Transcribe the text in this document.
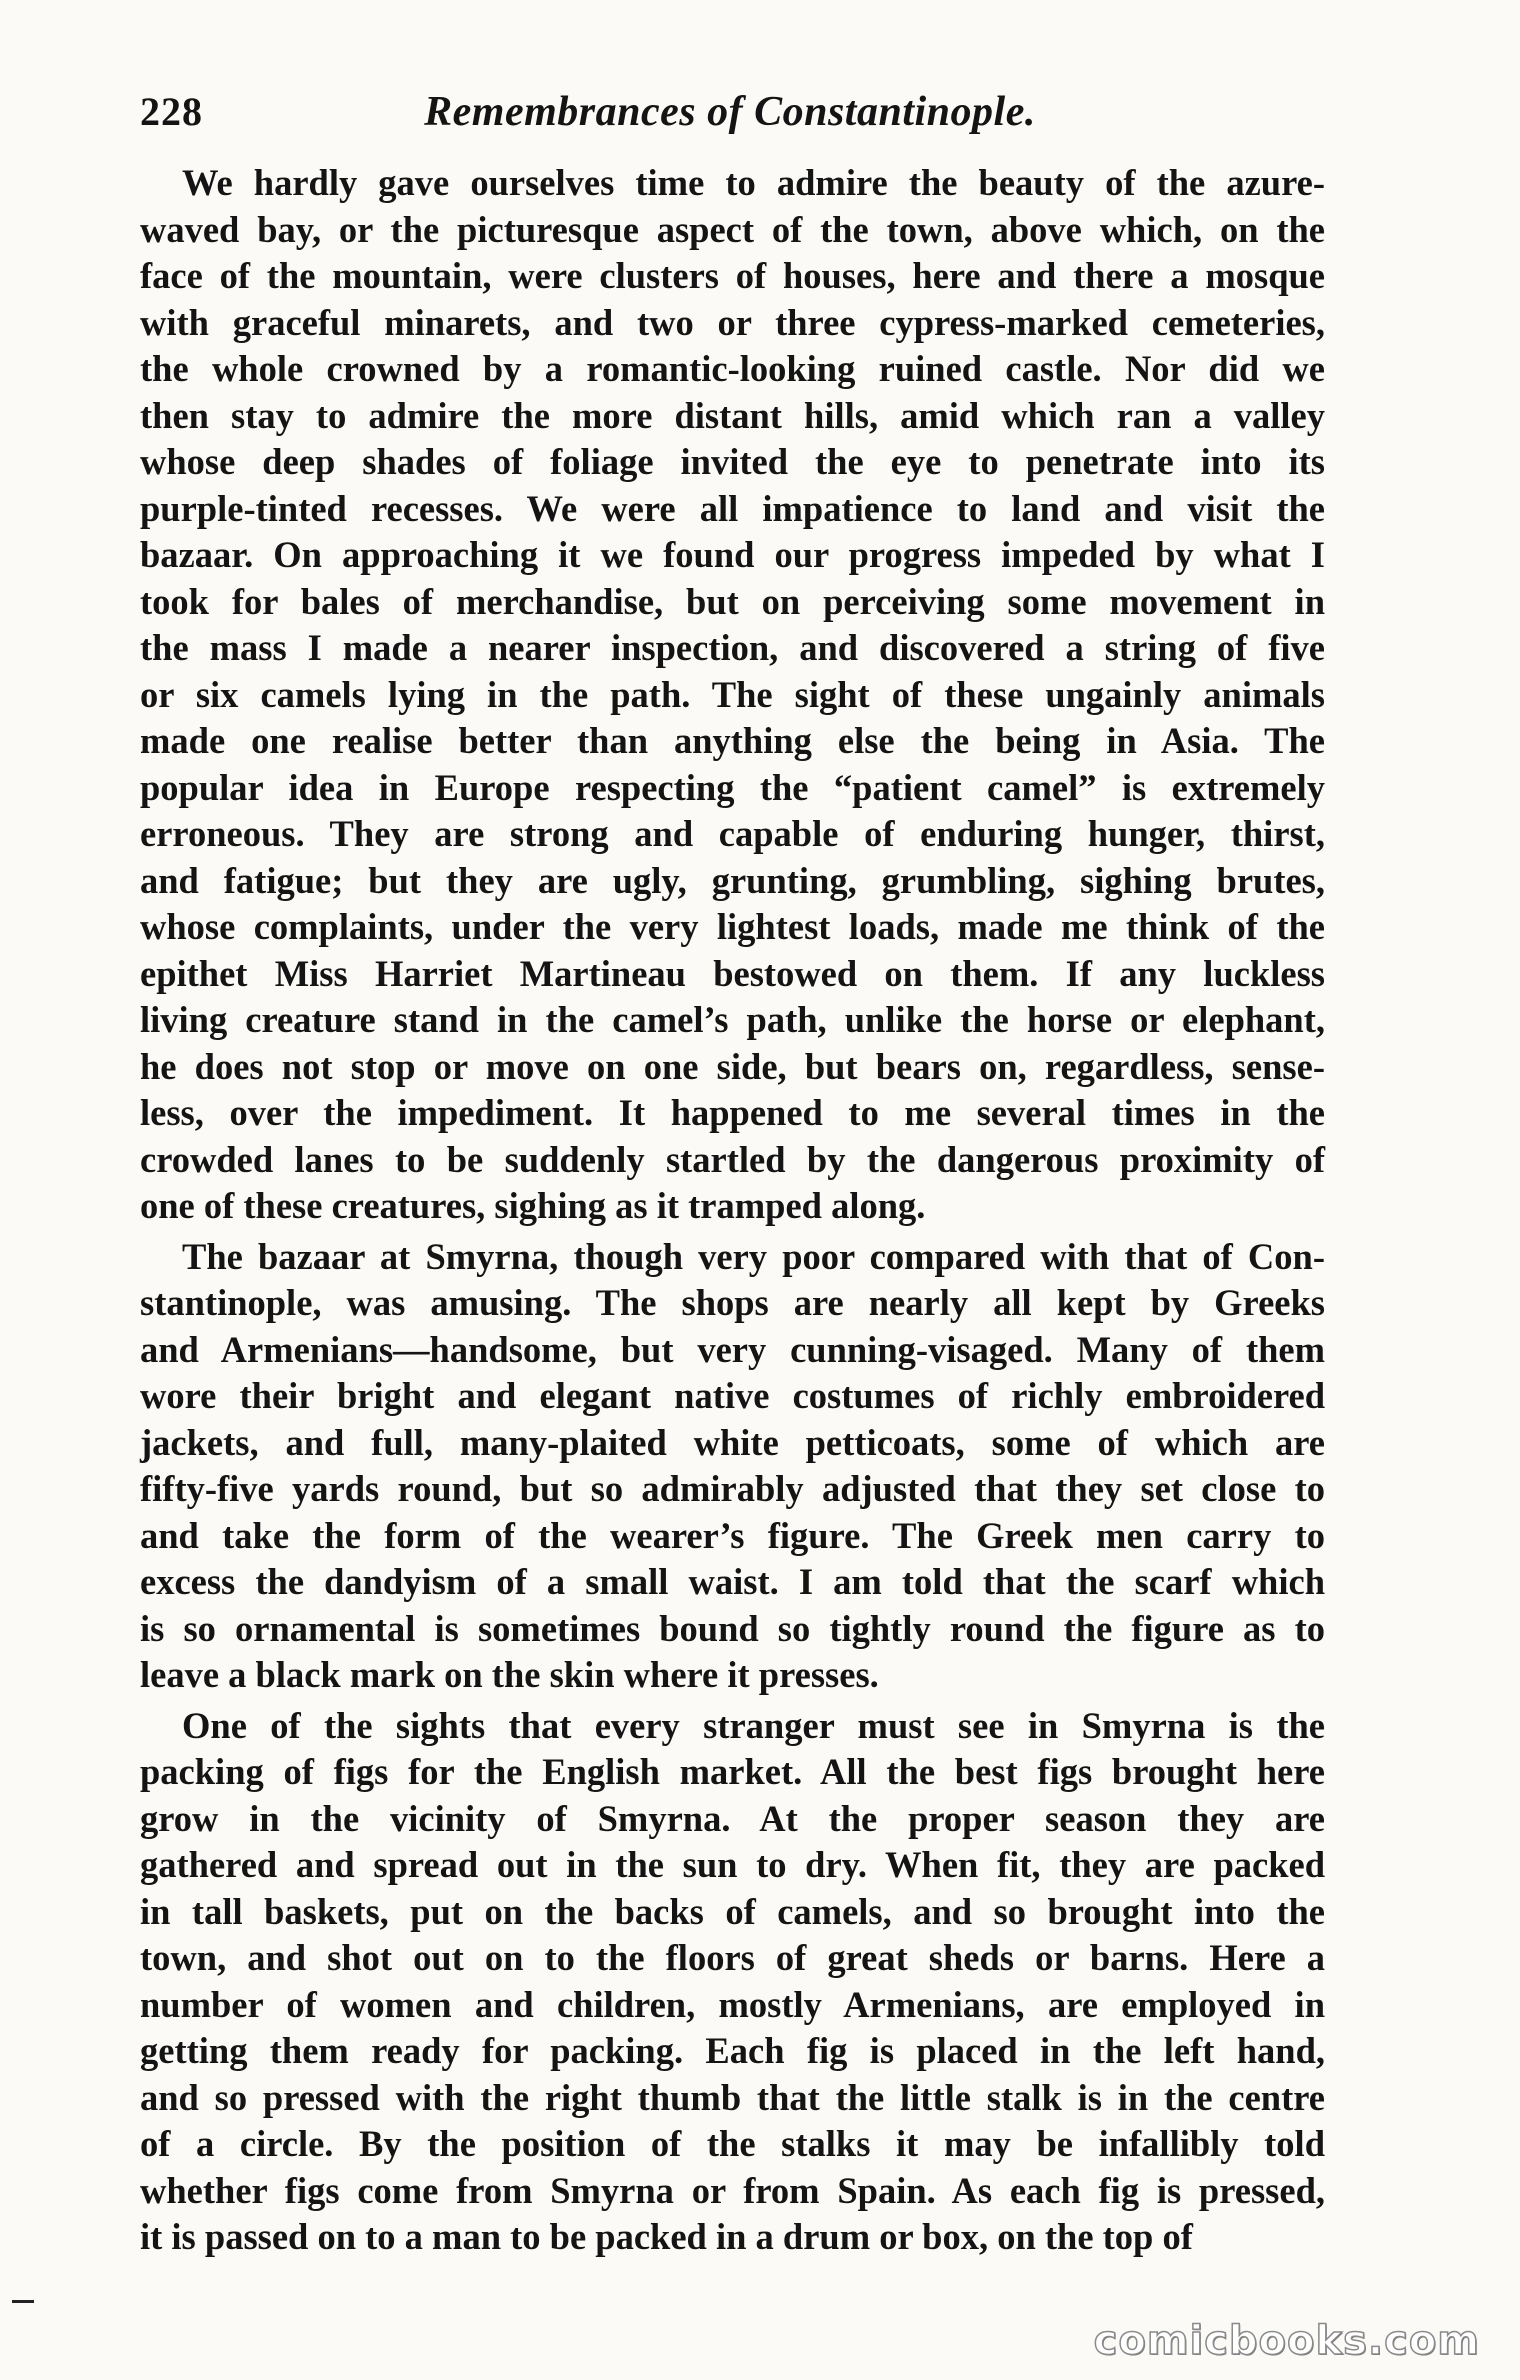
228	Remembrances of Constantinople.
We hardly gave ourselves time to admire the beauty of the azure-
waved bay, or the picturesque aspect of the town, above which, on the
face of the mountain, were clusters of houses, here and there a mosque
with graceful minarets, and two or three cypress-marked cemeteries,
the whole crowned by a romantic-looking ruined castle. Nor did we
then stay to admire the more distant hills, amid which ran a valley
whose deep shades of foliage invited the eye to penetrate into its
purple-tinted recesses. We were all impatience to land and visit the
bazaar. On approaching it we found our progress impeded by what I
took for bales of merchandise, but on perceiving some movement in
the mass I made a nearer inspection, and discovered a string of five
or six camels lying in the path. The sight of these ungainly animals
made one realise better than anything else the being in Asia. The
popular idea in Europe respecting the “patient camel” is extremely
erroneous. They are strong and capable of enduring hunger, thirst,
and fatigue; but they are ugly, grunting, grumbling, sighing brutes,
whose complaints, under the very lightest loads, made me think of the
epithet Miss Harriet Martineau bestowed on them. If any luckless
living creature stand in the camel’s path, unlike the horse or elephant,
he does not stop or move on one side, but bears on, regardless, sense-
less, over the impediment. It happened to me several times in the
crowded lanes to be suddenly startled by the dangerous proximity of
one of these creatures, sighing as it tramped along.
The bazaar at Smyrna, though very poor compared with that of Con-
stantinople, was amusing. The shops are nearly all kept by Greeks
and Armenians—handsome, but very cunning-visaged. Many of them
wore their bright and elegant native costumes of richly embroidered
jackets, and full, many-plaited white petticoats, some of which are
fifty-five yards round, but so admirably adjusted that they set close to
and take the form of the wearer’s figure. The Greek men carry to
excess the dandyism of a small waist. I am told that the scarf which
is so ornamental is sometimes bound so tightly round the figure as to
leave a black mark on the skin where it presses.
One of the sights that every stranger must see in Smyrna is the
packing of figs for the English market. All the best figs brought here
grow in the vicinity of Smyrna. At the proper season they are
gathered and spread out in the sun to dry. When fit, they are packed
in tall baskets, put on the backs of camels, and so brought into the
town, and shot out on to the floors of great sheds or barns. Here a
number of women and children, mostly Armenians, are employed in
getting them ready for packing. Each fig is placed in the left hand,
and so pressed with the right thumb that the little stalk is in the centre
of a circle. By the position of the stalks it may be infallibly told
whether figs come from Smyrna or from Spain. As each fig is pressed,
it is passed on to a man to be packed in a drum or box, on the top of
comicbooks.com
